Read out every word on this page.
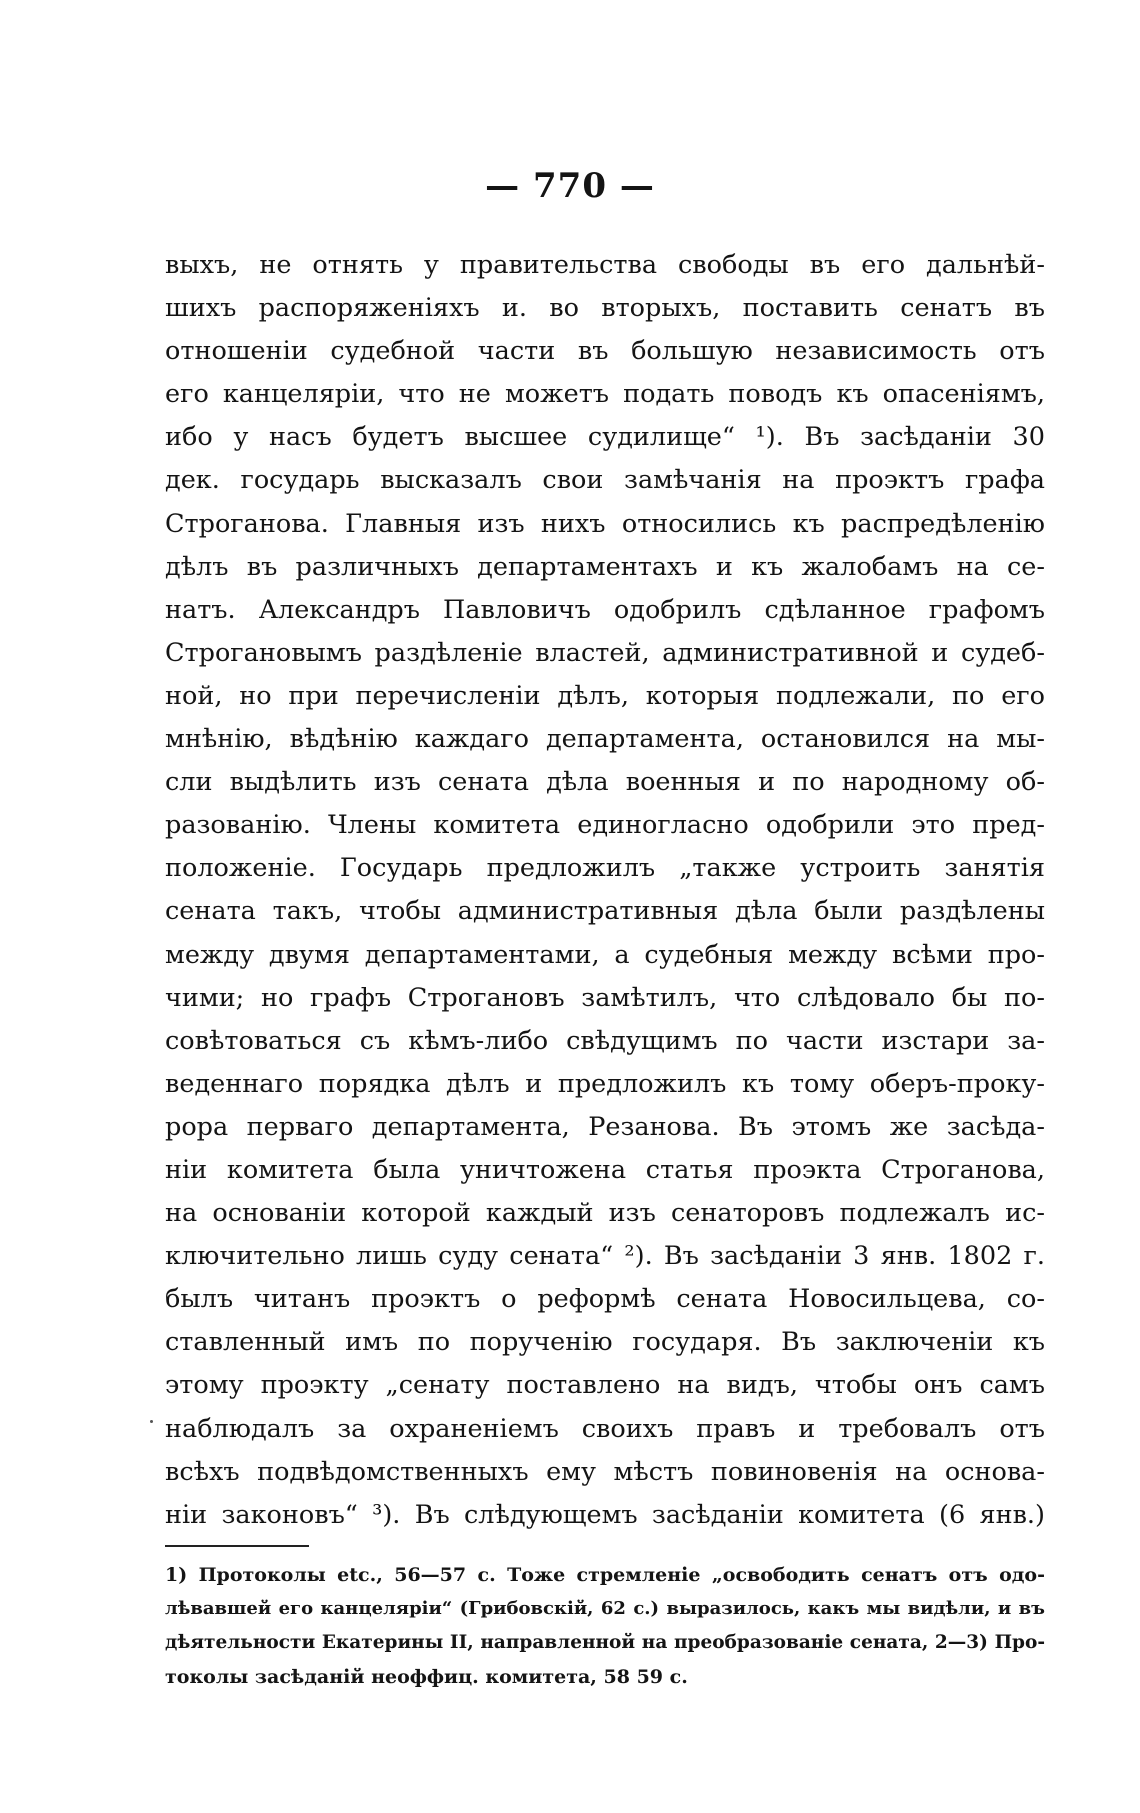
— 770 —
выхъ, не отнять у правительства свободы въ его дальнѣй-
шихъ распоряженіяхъ и. во вторыхъ, поставить сенатъ въ
отношеніи судебной части въ большую независимость отъ
его канцеляріи, что не можетъ подать поводъ къ опасеніямъ,
ибо у насъ будетъ высшее судилище“ ¹). Въ засѣданіи 30
дек. государь высказалъ свои замѣчанія на проэктъ графа
Строганова. Главныя изъ нихъ относились къ распредѣленію
дѣлъ въ различныхъ департаментахъ и къ жалобамъ на се-
натъ. Александръ Павловичъ одобрилъ сдѣланное графомъ
Строгановымъ раздѣленіе властей, административной и судеб-
ной, но при перечисленіи дѣлъ, которыя подлежали, по его
мнѣнію, вѣдѣнію каждаго департамента, остановился на мы-
сли выдѣлить изъ сената дѣла военныя и по народному об-
разованію. Члены комитета единогласно одобрили это пред-
положеніе. Государь предложилъ „также устроить занятія
сената такъ, чтобы административныя дѣла были раздѣлены
между двумя департаментами, а судебныя между всѣми про-
чими; но графъ Строгановъ замѣтилъ, что слѣдовало бы по-
совѣтоваться съ кѣмъ-либо свѣдущимъ по части изстари за-
веденнаго порядка дѣлъ и предложилъ къ тому оберъ-проку-
рора перваго департамента, Резанова. Въ этомъ же засѣда-
ніи комитета была уничтожена статья проэкта Строганова,
на основаніи которой каждый изъ сенаторовъ подлежалъ ис-
ключительно лишь суду сената“ ²). Въ засѣданіи 3 янв. 1802 г.
былъ читанъ проэктъ о реформѣ сената Новосильцева, со-
ставленный имъ по порученію государя. Въ заключеніи къ
этому проэкту „сенату поставлено на видъ, чтобы онъ самъ
наблюдалъ за охраненіемъ своихъ правъ и требовалъ отъ
всѣхъ подвѣдомственныхъ ему мѣстъ повиновенія на основа-
ніи законовъ“ ³). Въ слѣдующемъ засѣданіи комитета (6 янв.)
1) Протоколы etc., 56—57 с. Тоже стремленіе „освободить сенатъ отъ одо-
лѣвавшей его канцеляріи“ (Грибовскій, 62 с.) выразилось, какъ мы видѣли, и въ
дѣятельности Екатерины II, направленной на преобразованіе сената, 2—3) Про-
токолы засѣданій неоффиц. комитета, 58 59 с.
